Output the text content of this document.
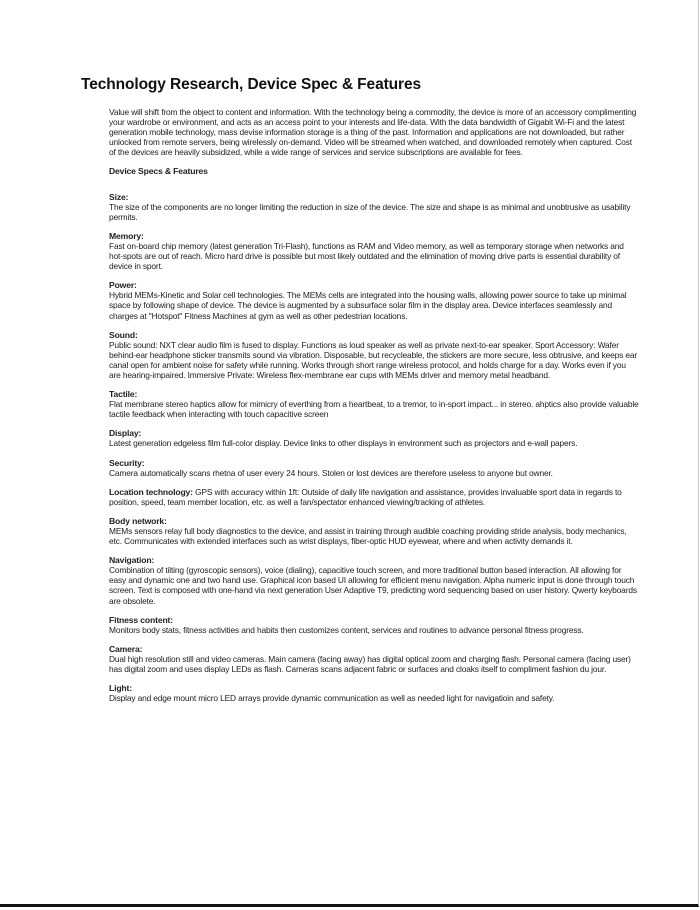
Technology Research, Device Spec & Features

Value will shift from the object to content and information. With the technology being a commodity, the device is more of an accessory complimenting your wardrobe or environment, and acts as an access point to your interests and life-data. With the data bandwidth of Gigabit Wi-Fi and the latest generation mobile technology, mass devise information storage is a thing of the past. Information and applications are not downloaded, but rather unlocked from remote servers, being wirelessly on-demand. Video will be streamed when watched, and downloaded remotely when captured. Cost of the devices are heavily subsidized, while a wide range of services and service subscriptions are available for fees.

Device Specs & Features

Size:
The size of the components are no longer limiting the reduction in size of the device. The size and shape is as minimal and unobtrusive as usability permits.
Memory:
Fast on-board chip memory (latest generation Tri-Flash), functions as RAM and Video memory, as well as temporary storage when networks and hot-spots are out of reach. Micro hard drive is possible but most likely outdated and the elimination of moving drive parts is essential durability of device in sport.
Power:
Hybrid MEMs-Kinetic and Solar cell technologies. The MEMs cells are integrated into the housing walls, allowing power source to take up minimal space by following shape of device. The device is augmented by a subsurface solar film in the display area. Device interfaces seamlessly and charges at "Hotspot" Fitness Machines at gym as well as other pedestrian locations.
Sound:
Public sound: NXT clear audio film is fused to display. Functions as loud speaker as well as private next-to-ear speaker. Sport Accessory: Wafer behind-ear headphone sticker transmits sound via vibration. Disposable, but recycleable, the stickers are more secure, less obtrusive, and keeps ear canal open for ambient noise for safety while running. Works through short range wireless protocol, and holds charge for a day. Works even if you are hearing-impaired. Immersive Private: Wireless flex-membrane ear cups with MEMs driver and memory metal headband.
Tactile:
Flat membrane stereo haptics allow for mimicry of everthing from a heartbeat, to a tremor, to in-sport impact... in stereo. ahptics also provide valuable tactile feedback when interacting with touch capacitive screen
Display:
Latest generation edgeless film full-color display. Device links to other displays in environment such as projectors and e-wall papers.
Security:
Camera automatically scans rhetna of user every 24 hours. Stolen or lost devices are therefore useless to anyone but owner.
Location technology: GPS with accuracy within 1ft: Outside of daily life navigation and assistance, provides invaluable sport data in regards to position, speed, team member location, etc. as well a fan/spectator enhanced viewing/tracking of athletes.
Body network:
MEMs sensors relay full body diagnostics to the device, and assist in training through audible coaching providing stride analysis, body mechanics, etc. Communicates with extended interfaces such as wrist displays, fiber-optic HUD eyewear, where and when activity demands it.
Navigation:
Combination of tilting (gyroscopic sensors), voice (dialing), capacitive touch screen, and more traditional button based interaction. All allowing for easy and dynamic one and two hand use. Graphical icon based UI allowing for efficient menu navigation. Alpha numeric input is done through touch screen. Text is composed with one-hand via next generation User Adaptive T9, predicting word sequencing based on user history. Qwerty keyboards are obsolete.
Fitness content:
Monitors body stats, fitness activities and habits then customizes content, services and routines to advance personal fitness progress.
Camera:
Dual high resolution still and video cameras. Main camera (facing away) has digital optical zoom and charging flash. Personal camera (facing user) has digital zoom and uses display LEDs as flash. Cameras scans adjacent fabric or surfaces and cloaks itself to compliment fashion du jour.
Light:
Display and edge mount micro LED arrays provide dynamic communication as well as needed light for navigatioin and safety.
